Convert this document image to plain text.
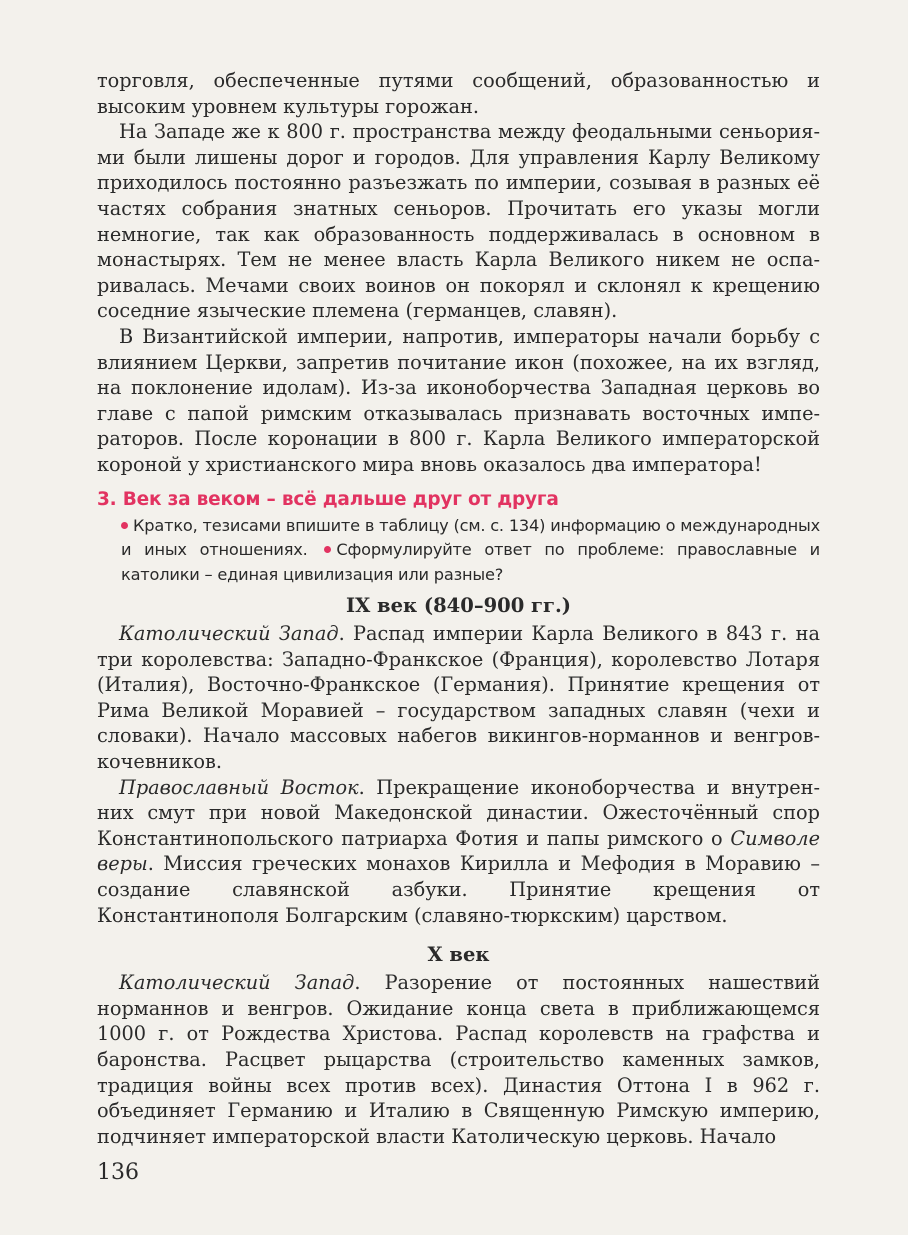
торговля, обеспеченные путями сообщений, образованностью и высоким уровнем культуры горожан.

На Западе же к 800 г. пространства между феодальными сеньориями были лишены дорог и городов. Для управления Карлу Великому приходилось постоянно разъезжать по империи, созывая в разных её частях собрания знатных сеньоров. Прочитать его указы могли немногие, так как образованность поддерживалась в основном в монастырях. Тем не менее власть Карла Великого никем не оспаривалась. Мечами своих воинов он покорял и склонял к крещению соседние языческие племена (германцев, славян).

В Византийской империи, напротив, императоры начали борьбу с влиянием Церкви, запретив почитание икон (похожее, на их взгляд, на поклонение идолам). Из-за иконоборчества Западная церковь во главе с папой римским отказывалась признавать восточных императоров. После коронации в 800 г. Карла Великого императорской короной у христианского мира вновь оказалось два императора!

3. Век за веком – всё дальше друг от друга
Кратко, тезисами впишите в таблицу (см. с. 134) информацию о международных и иных отношениях. Сформулируйте ответ по проблеме: православные и католики – единая цивилизация или разные?
IX век (840–900 гг.)

Католический Запад. Распад империи Карла Великого в 843 г. на три королевства: Западно-Франкское (Франция), королевство Лотаря (Италия), Восточно-Франкское (Германия). Принятие крещения от Рима Великой Моравией – государством западных славян (чехи и словаки). Начало массовых набегов викингов-норманнов и венгров-кочевников.

Православный Восток. Прекращение иконоборчества и внутренних смут при новой Македонской династии. Ожесточённый спор Константинопольского патриарха Фотия и папы римского о Символе веры. Миссия греческих монахов Кирилла и Мефодия в Моравию – создание славянской азбуки. Принятие крещения от Константинополя Болгарским (славяно-тюркским) царством.

X век

Католический Запад. Разорение от постоянных нашествий норманнов и венгров. Ожидание конца света в приближающемся 1000 г. от Рождества Христова. Распад королевств на графства и баронства. Расцвет рыцарства (строительство каменных замков, традиция войны всех против всех). Династия Оттона I в 962 г. объединяет Германию и Италию в Священную Римскую империю, подчиняет императорской власти Католическую церковь. Начало

136
